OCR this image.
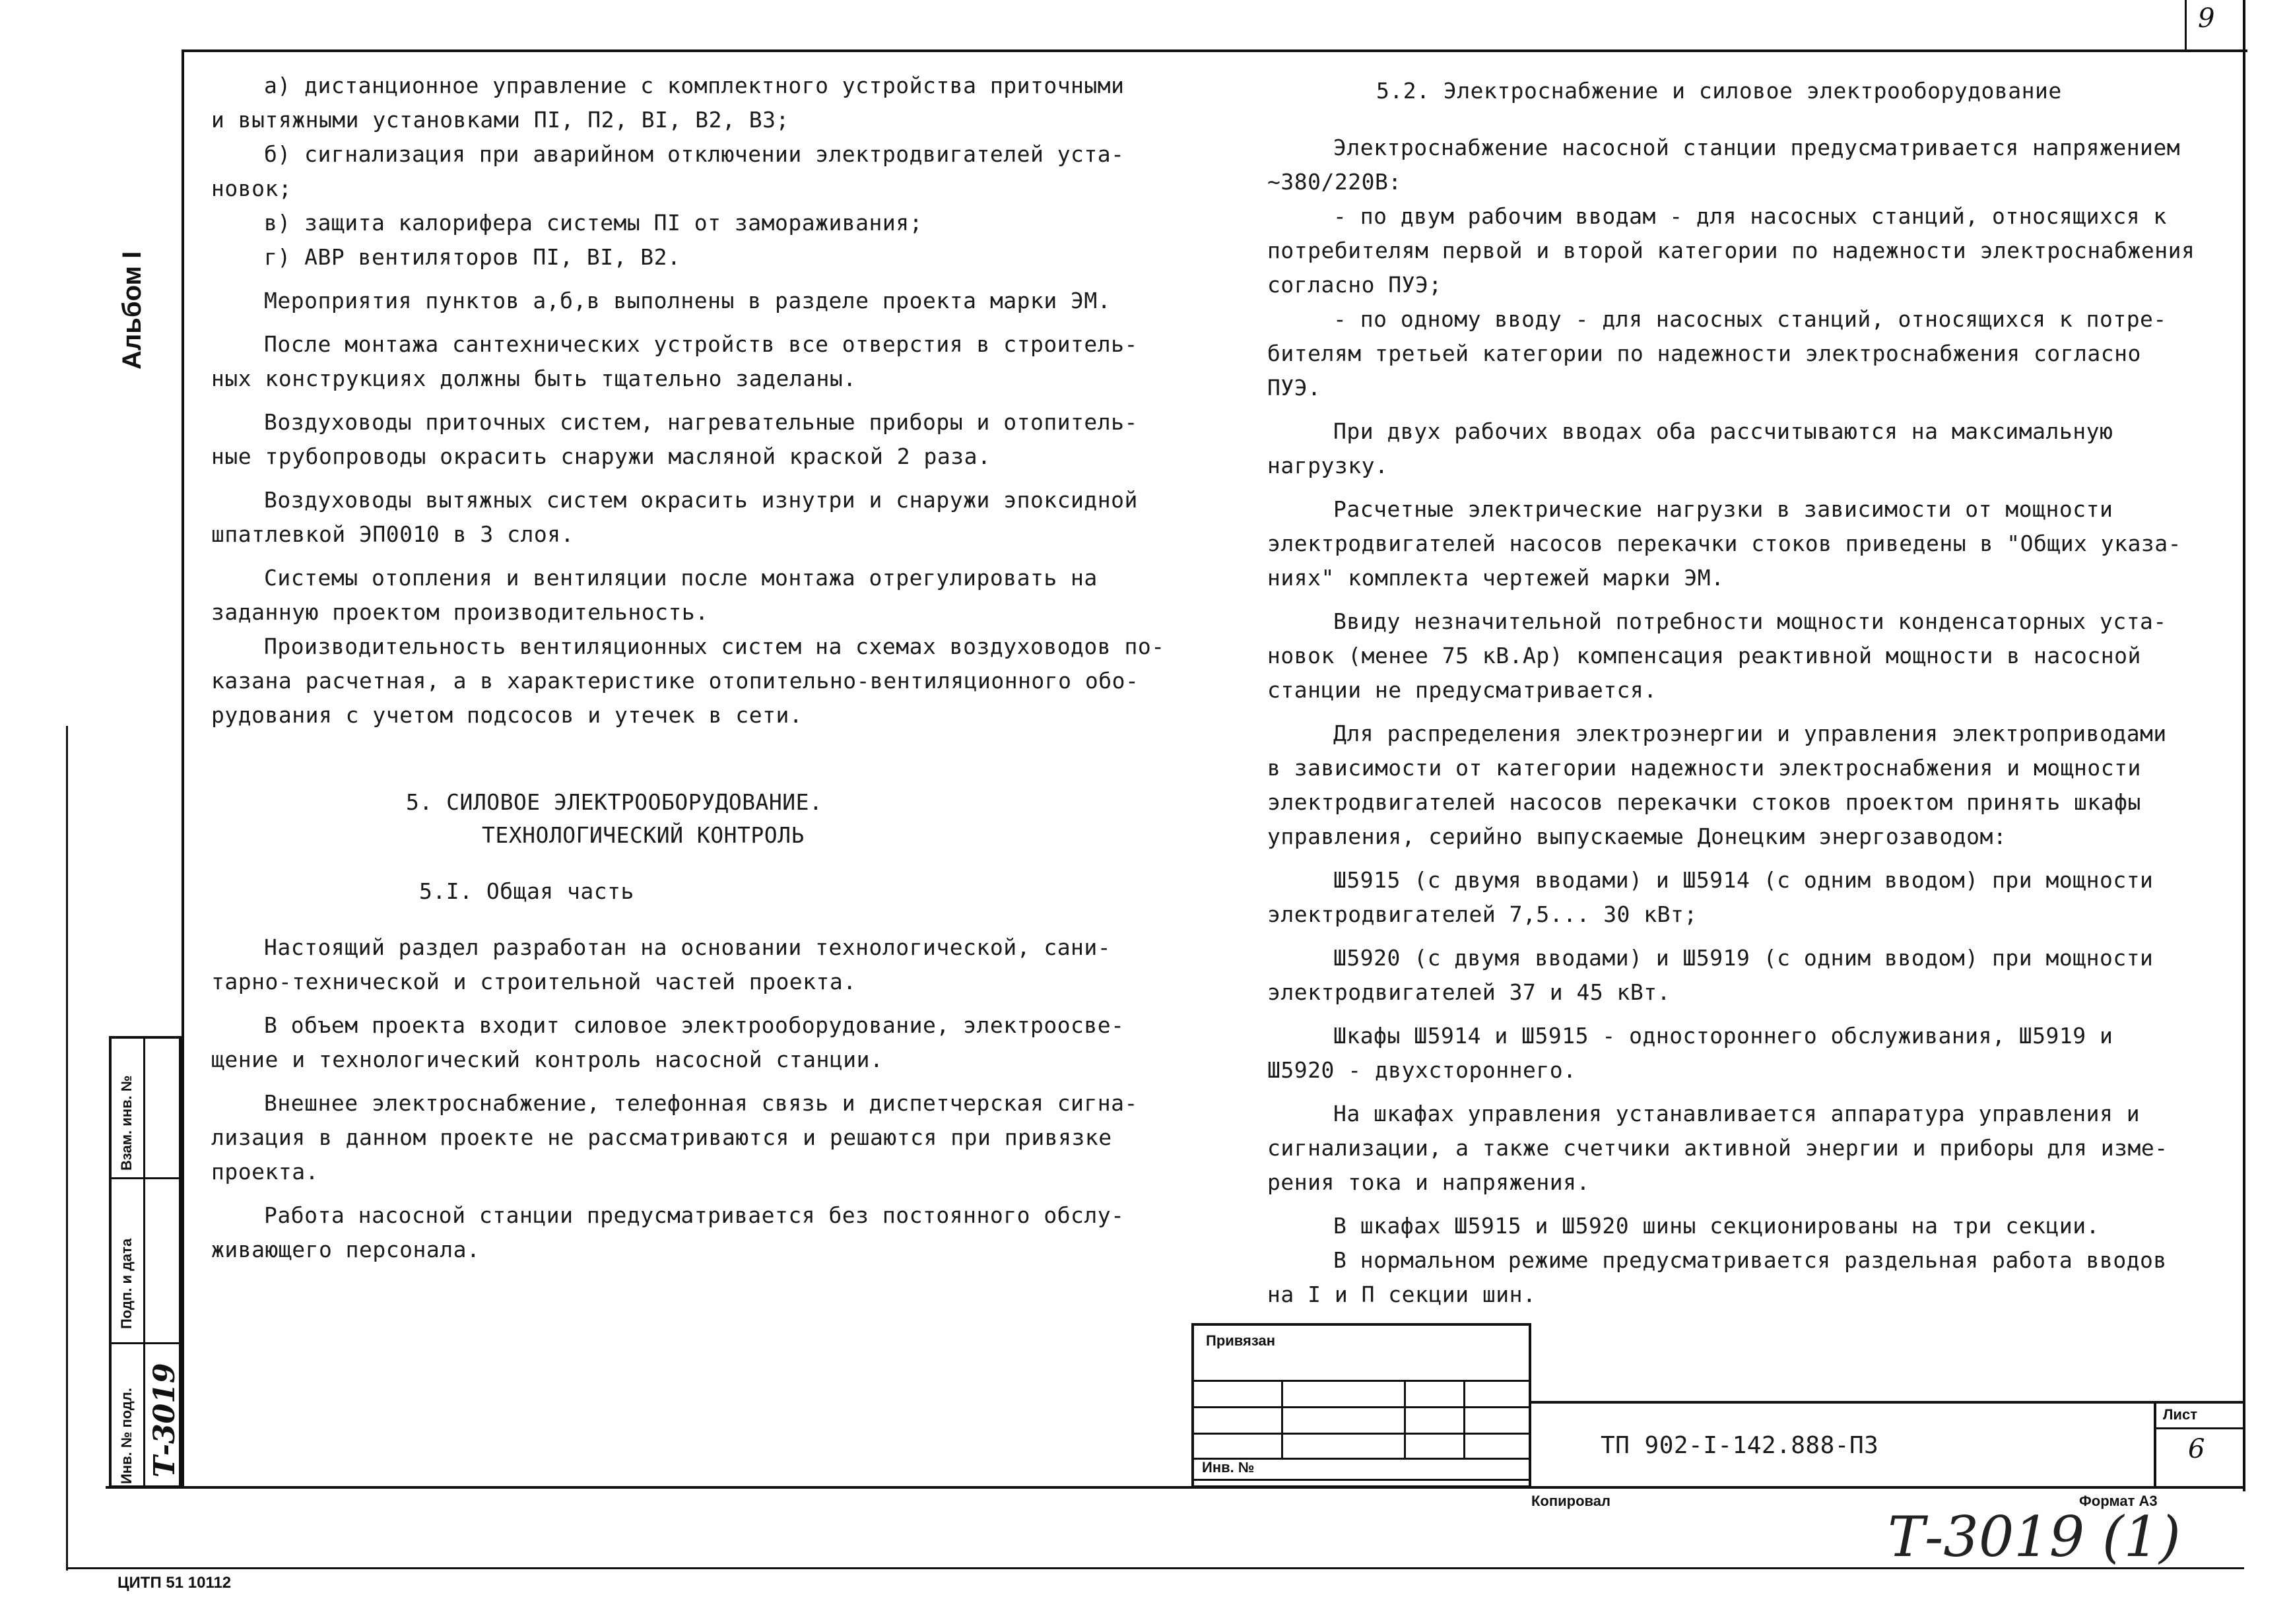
9
Альбом I

а) дистанционное управление с комплектного устройства приточными

и вытяжными установками ПI, П2, ВI, В2, В3;

б) сигнализация при аварийном отключении электродвигателей уста-

новок;

в) защита калорифера системы ПI от замораживания;

г) АВР вентиляторов ПI, ВI, В2.

Мероприятия пунктов а,б,в выполнены в разделе проекта марки ЭМ.

После монтажа сантехнических устройств все отверстия в строитель-

ных конструкциях должны быть тщательно заделаны.

Воздуховоды приточных систем, нагревательные приборы и отопитель-

ные трубопроводы окрасить снаружи масляной краской 2 раза.

Воздуховоды вытяжных систем окрасить изнутри и снаружи эпоксидной

шпатлевкой ЭП0010 в 3 слоя.

Системы отопления и вентиляции после монтажа отрегулировать на

заданную проектом производительность.

Производительность вентиляционных систем на схемах воздуховодов по-

казана расчетная, а в характеристике отопительно-вентиляционного обо-

рудования с учетом подсосов и утечек в сети.

5. СИЛОВОЕ ЭЛЕКТРООБОРУДОВАНИЕ.
ТЕХНОЛОГИЧЕСКИЙ КОНТРОЛЬ
5.I. Общая часть

Настоящий раздел разработан на основании технологической, сани-

тарно-технической и строительной частей проекта.

В объем проекта входит силовое электрооборудование, электроосве-

щение и технологический контроль насосной станции.

Внешнее электроснабжение, телефонная связь и диспетчерская сигна-

лизация в данном проекте не рассматриваются и решаются при привязке

проекта.

Работа насосной станции предусматривается без постоянного обслу-

живающего персонала.

5.2. Электроснабжение и силовое электрооборудование

Электроснабжение насосной станции предусматривается напряжением

~380/220В:

- по двум рабочим вводам - для насосных станций, относящихся к

потребителям первой и второй категории по надежности электроснабжения

согласно ПУЭ;

- по одному вводу - для насосных станций, относящихся к потре-

бителям третьей категории по надежности электроснабжения согласно

ПУЭ.

При двух рабочих вводах оба рассчитываются на максимальную

нагрузку.

Расчетные электрические нагрузки в зависимости от мощности

электродвигателей насосов перекачки стоков приведены в "Общих указа-

ниях" комплекта чертежей марки ЭМ.

Ввиду незначительной потребности мощности конденсаторных уста-

новок (менее 75 кВ.Ар) компенсация реактивной мощности в насосной

станции не предусматривается.

Для распределения электроэнергии и управления электроприводами

в зависимости от категории надежности электроснабжения и мощности

электродвигателей насосов перекачки стоков проектом принять шкафы

управления, серийно выпускаемые Донецким энергозаводом:

Ш5915 (с двумя вводами) и Ш5914 (с одним вводом) при мощности

электродвигателей 7,5... 30 кВт;

Ш5920 (с двумя вводами) и Ш5919 (с одним вводом) при мощности

электродвигателей 37 и 45 кВт.

Шкафы Ш5914 и Ш5915 - одностороннего обслуживания, Ш5919 и

Ш5920 - двухстороннего.

На шкафах управления устанавливается аппаратура управления и

сигнализации, а также счетчики активной энергии и приборы для изме-

рения тока и напряжения.

В шкафах Ш5915 и Ш5920 шины секционированы на три секции.

В нормальном режиме предусматривается раздельная работа вводов

на I и П секции шин.

Взам. инв. №
Подп. и дата
Инв. № подл. Т-3019
Привязан
Инв. №
ТП 902-I-142.888-ПЗ
Лист
6
Копировал	Формат А3
Т-3019 (1)
ЦИТП 51 10112
